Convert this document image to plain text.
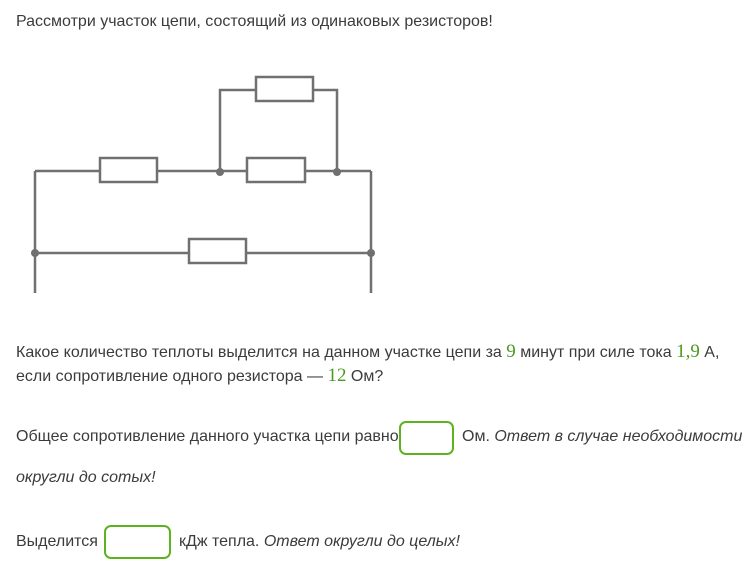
Рассмотри участок цепи, состоящий из одинаковых резисторов!

Какое количество теплоты выделится на данном участке цепи за 9 минут при силе тока 1,9 А, если сопротивление одного резистора — 12 Ом?

Общее сопротивление данного участка цепи равно	Ом. Ответ в случае необходимости

округли до сотых!

Выделится	кДж тепла. Ответ округли до целых!
